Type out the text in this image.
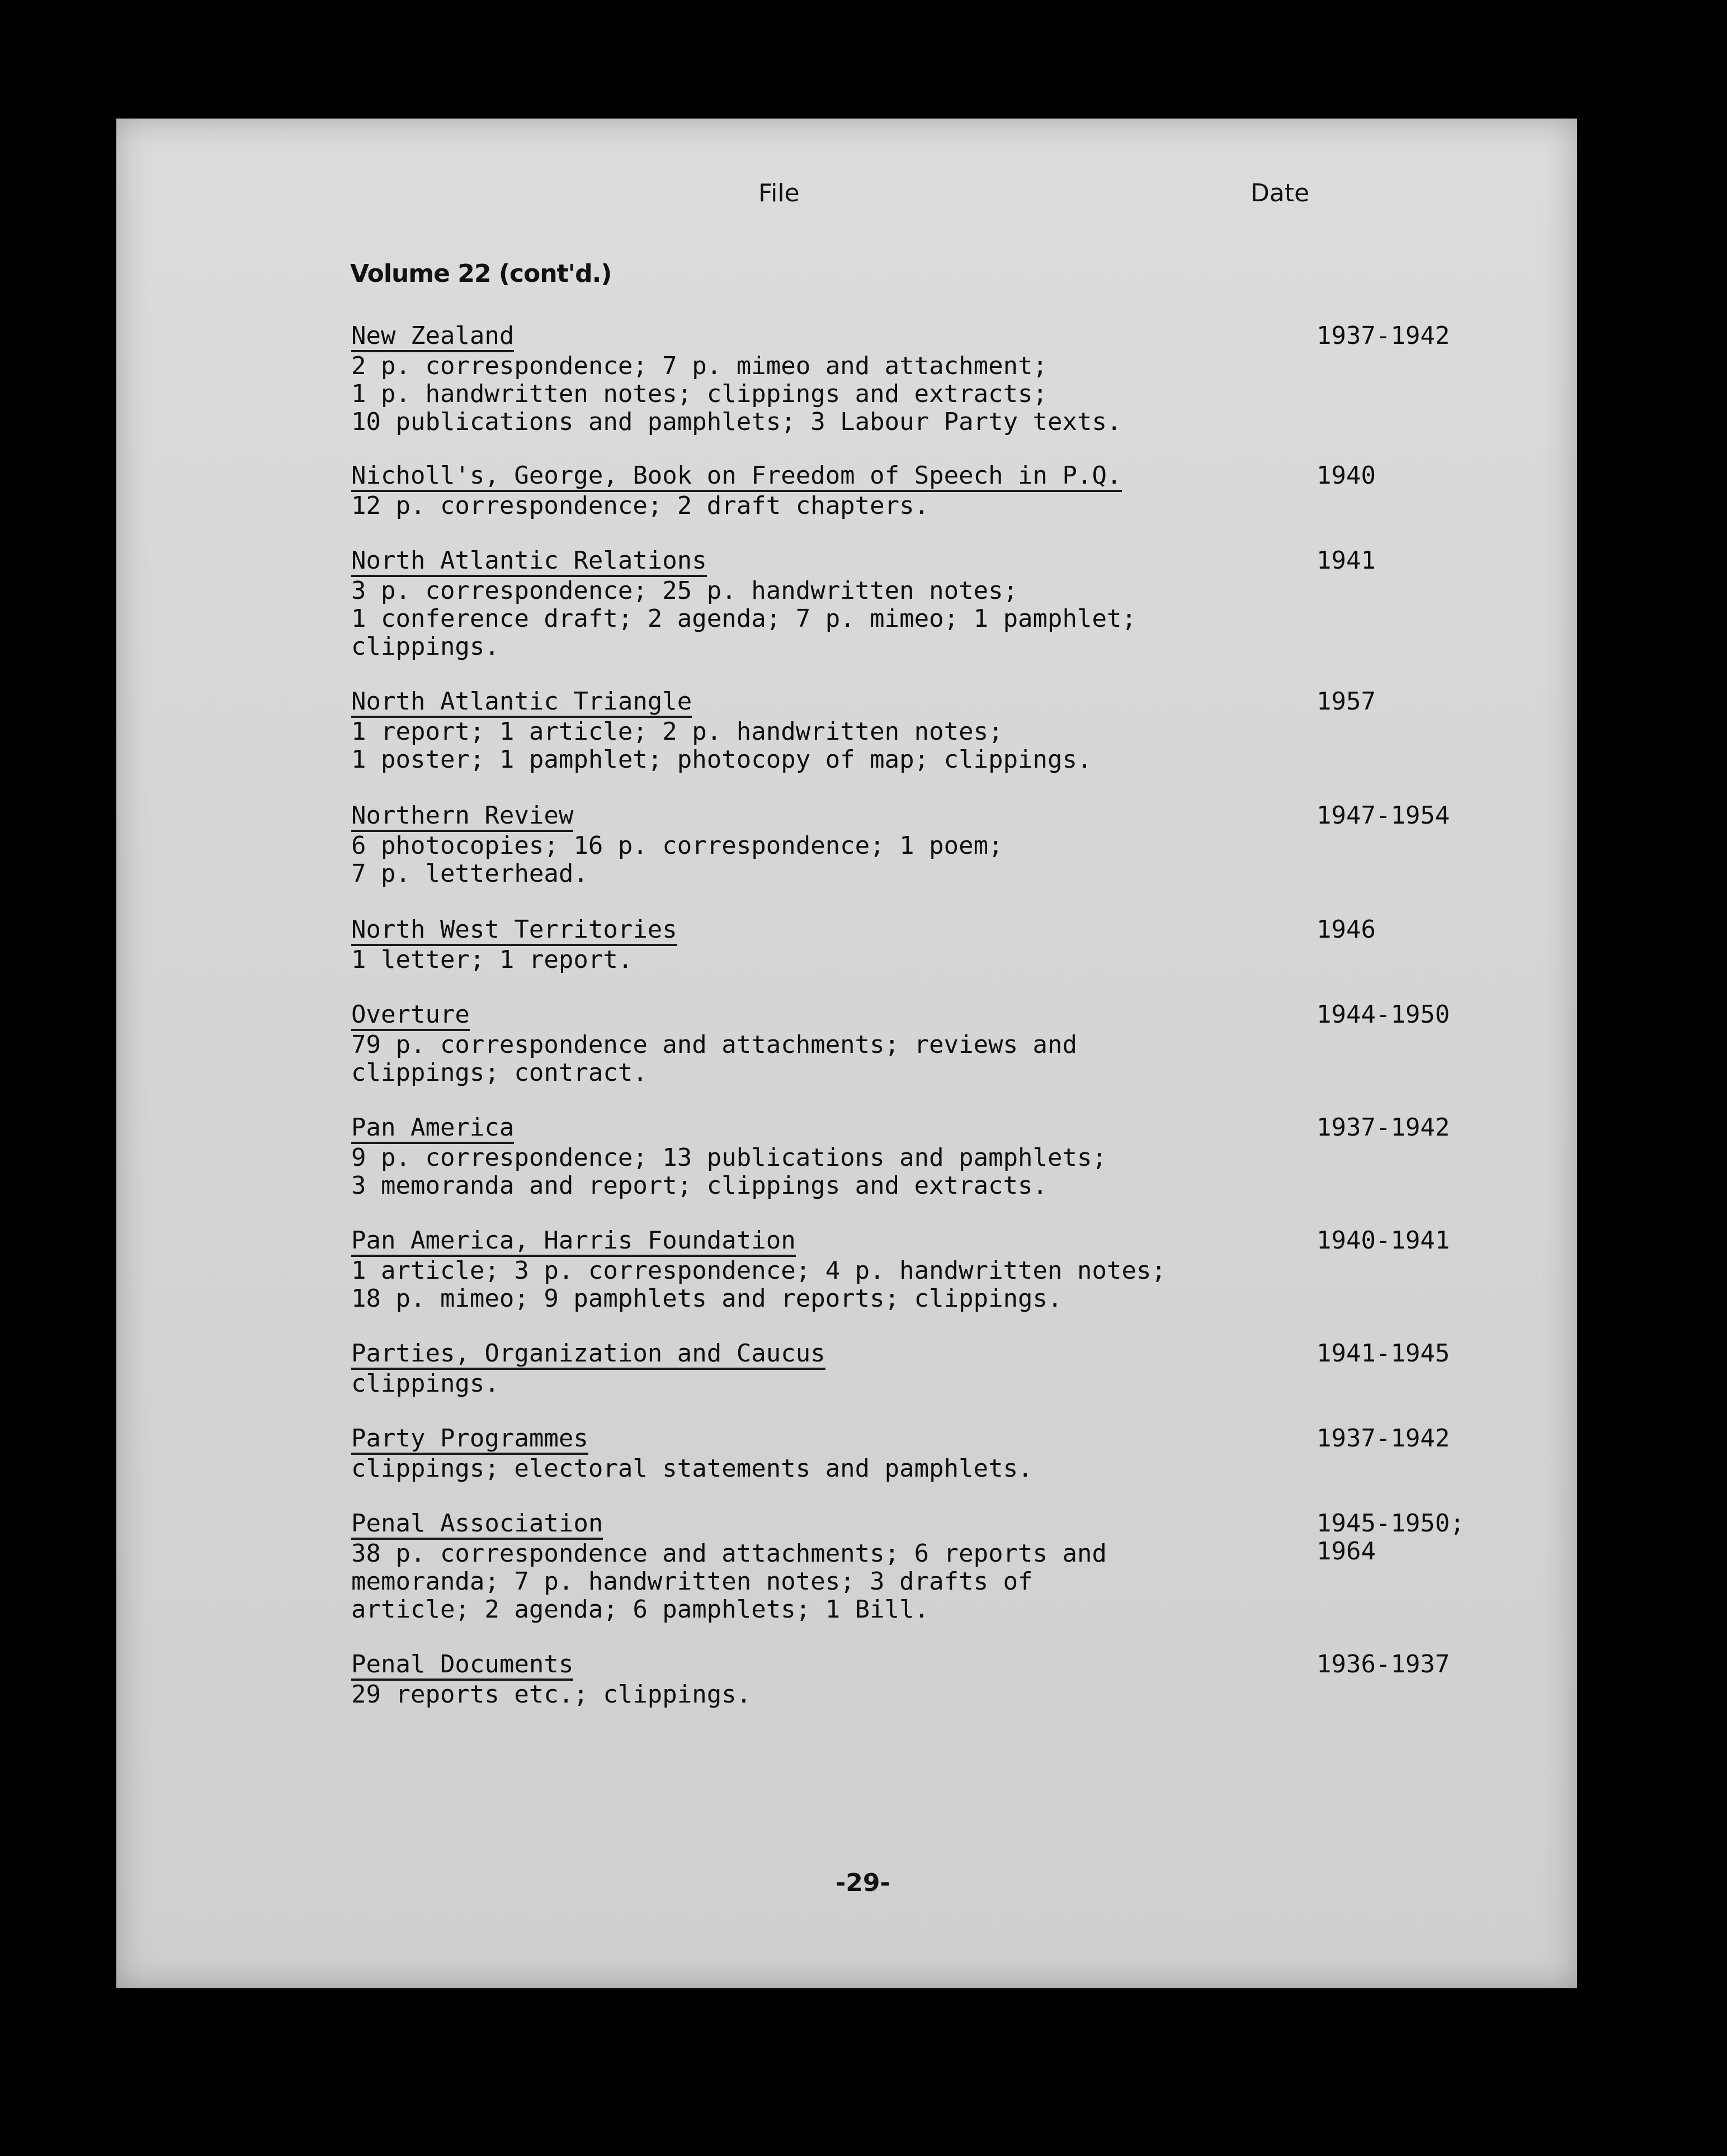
File	Date
Volume 22 (cont'd.)
New Zealand
2 p. correspondence; 7 p. mimeo and attachment;
1 p. handwritten notes; clippings and extracts;
10 publications and pamphlets; 3 Labour Party texts.
1937-1942
Nicholl's, George, Book on Freedom of Speech in P.Q.
12 p. correspondence; 2 draft chapters.
1940
North Atlantic Relations
3 p. correspondence; 25 p. handwritten notes;
1 conference draft; 2 agenda; 7 p. mimeo; 1 pamphlet;
clippings.
1941
North Atlantic Triangle
1 report; 1 article; 2 p. handwritten notes;
1 poster; 1 pamphlet; photocopy of map; clippings.
1957
Northern Review
6 photocopies; 16 p. correspondence; 1 poem;
7 p. letterhead.
1947-1954
North West Territories
1 letter; 1 report.
1946
Overture
79 p. correspondence and attachments; reviews and
clippings; contract.
1944-1950
Pan America
9 p. correspondence; 13 publications and pamphlets;
3 memoranda and report; clippings and extracts.
1937-1942
Pan America, Harris Foundation
1 article; 3 p. correspondence; 4 p. handwritten notes;
18 p. mimeo; 9 pamphlets and reports; clippings.
1940-1941
Parties, Organization and Caucus
clippings.
1941-1945
Party Programmes
clippings; electoral statements and pamphlets.
1937-1942
Penal Association
38 p. correspondence and attachments; 6 reports and
memoranda; 7 p. handwritten notes; 3 drafts of
article; 2 agenda; 6 pamphlets; 1 Bill.
1945-1950;
1964
Penal Documents
29 reports etc.; clippings.
1936-1937
-29-
